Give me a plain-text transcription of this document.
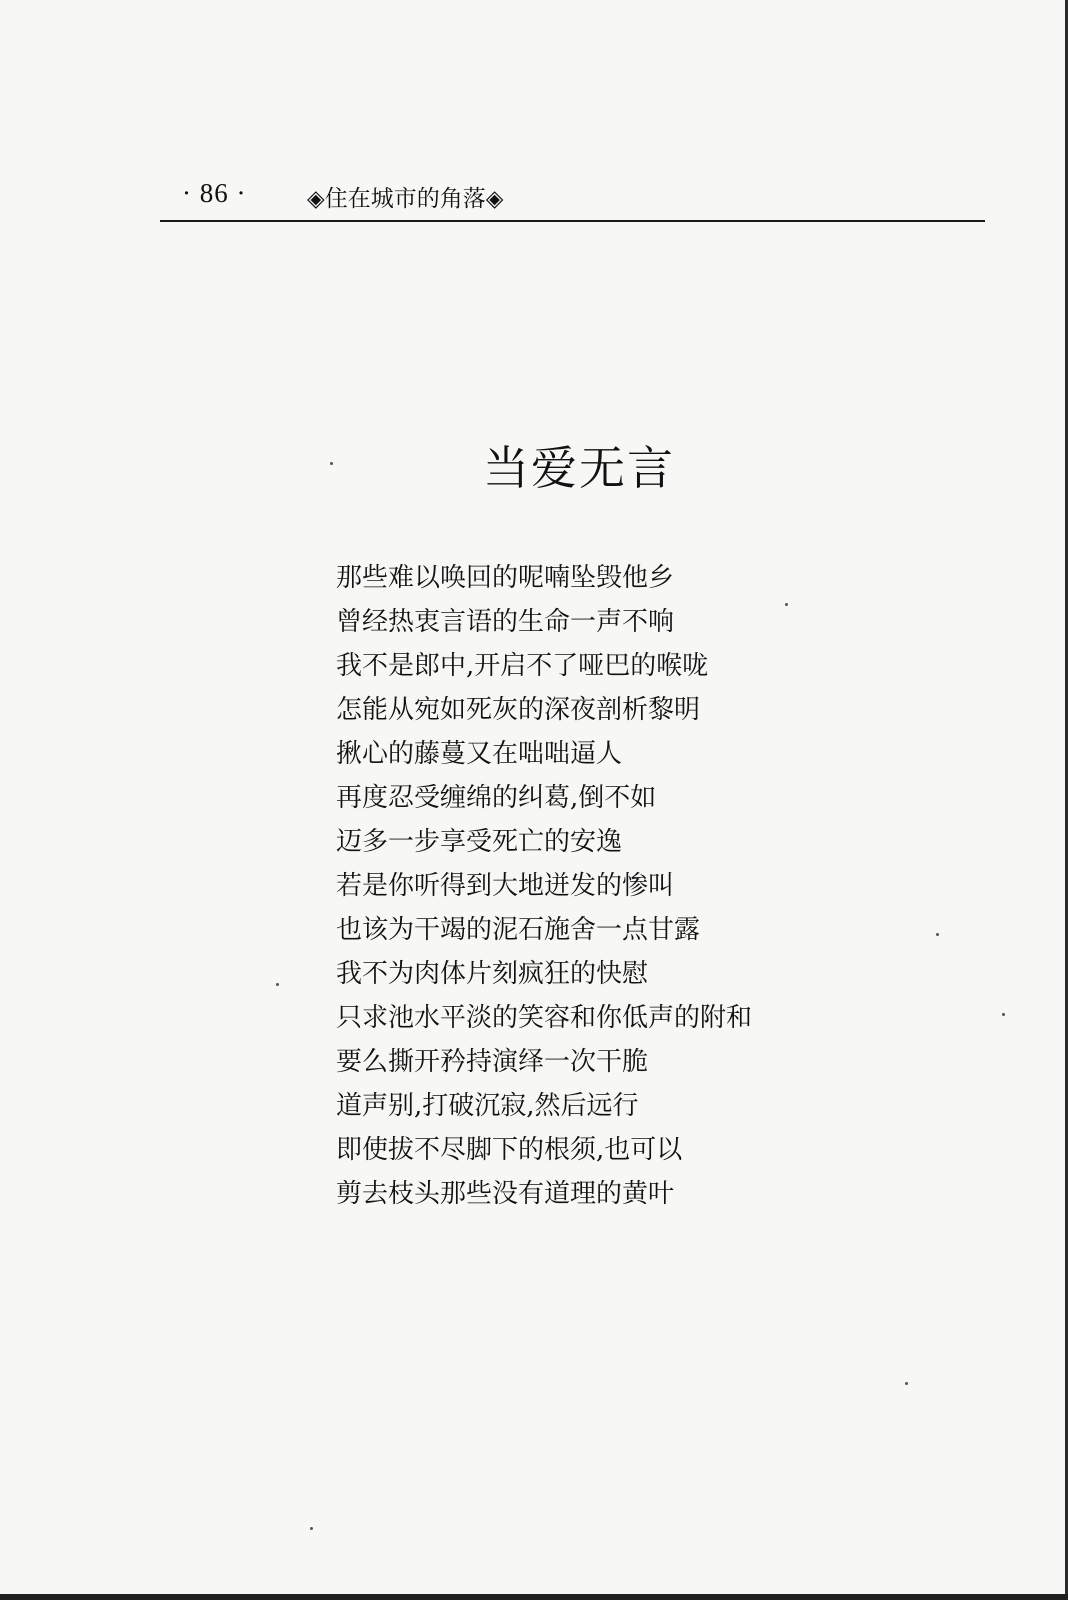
· 86 ·	◈住在城市的角落◈
当爱无言
那些难以唤回的呢喃坠毁他乡
曾经热衷言语的生命一声不响
我不是郎中,开启不了哑巴的喉咙
怎能从宛如死灰的深夜剖析黎明
揪心的藤蔓又在咄咄逼人
再度忍受缠绵的纠葛,倒不如
迈多一步享受死亡的安逸
若是你听得到大地迸发的惨叫
也该为干竭的泥石施舍一点甘露
我不为肉体片刻疯狂的快慰
只求池水平淡的笑容和你低声的附和
要么撕开矜持演绎一次干脆
道声别,打破沉寂,然后远行
即使拔不尽脚下的根须,也可以
剪去枝头那些没有道理的黄叶
